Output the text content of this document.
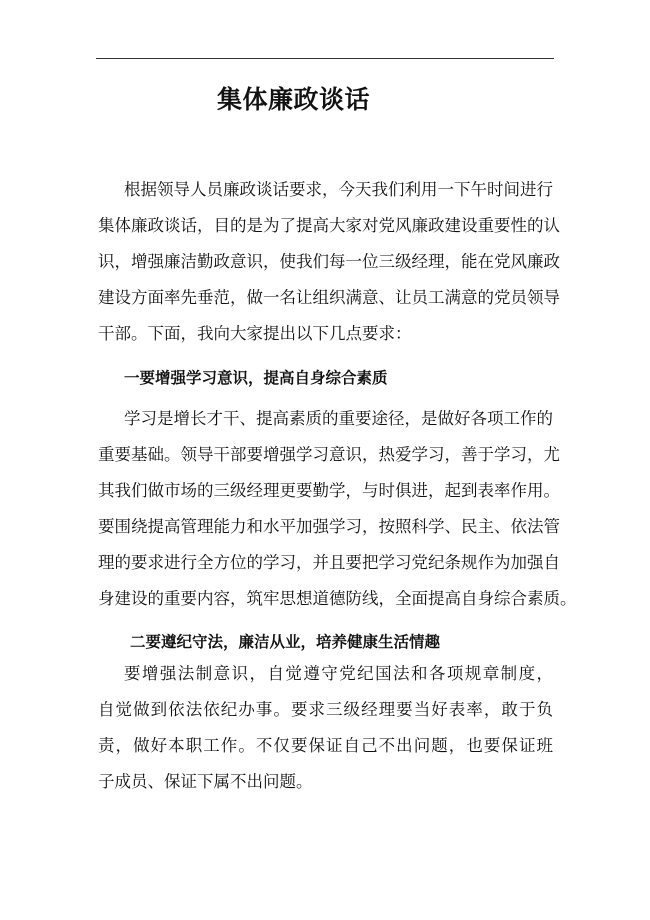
集体廉政谈话
根据领导人员廉政谈话要求，今天我们利用一下午时间进行
集体廉政谈话，目的是为了提高大家对党风廉政建设重要性的认
识，增强廉洁勤政意识，使我们每一位三级经理，能在党风廉政
建设方面率先垂范，做一名让组织满意、让员工满意的党员领导
干部。下面，我向大家提出以下几点要求：
一要增强学习意识，提高自身综合素质
学习是增长才干、提高素质的重要途径，是做好各项工作的
重要基础。领导干部要增强学习意识，热爱学习，善于学习，尤
其我们做市场的三级经理更要勤学，与时俱进，起到表率作用。
要围绕提高管理能力和水平加强学习，按照科学、民主、依法管
理的要求进行全方位的学习，并且要把学习党纪条规作为加强自
身建设的重要内容，筑牢思想道德防线，全面提高自身综合素质。
二要遵纪守法，廉洁从业，培养健康生活情趣
要增强法制意识，自觉遵守党纪国法和各项规章制度，
自觉做到依法依纪办事。要求三级经理要当好表率，敢于负
责，做好本职工作。不仅要保证自己不出问题，也要保证班
子成员、保证下属不出问题。
